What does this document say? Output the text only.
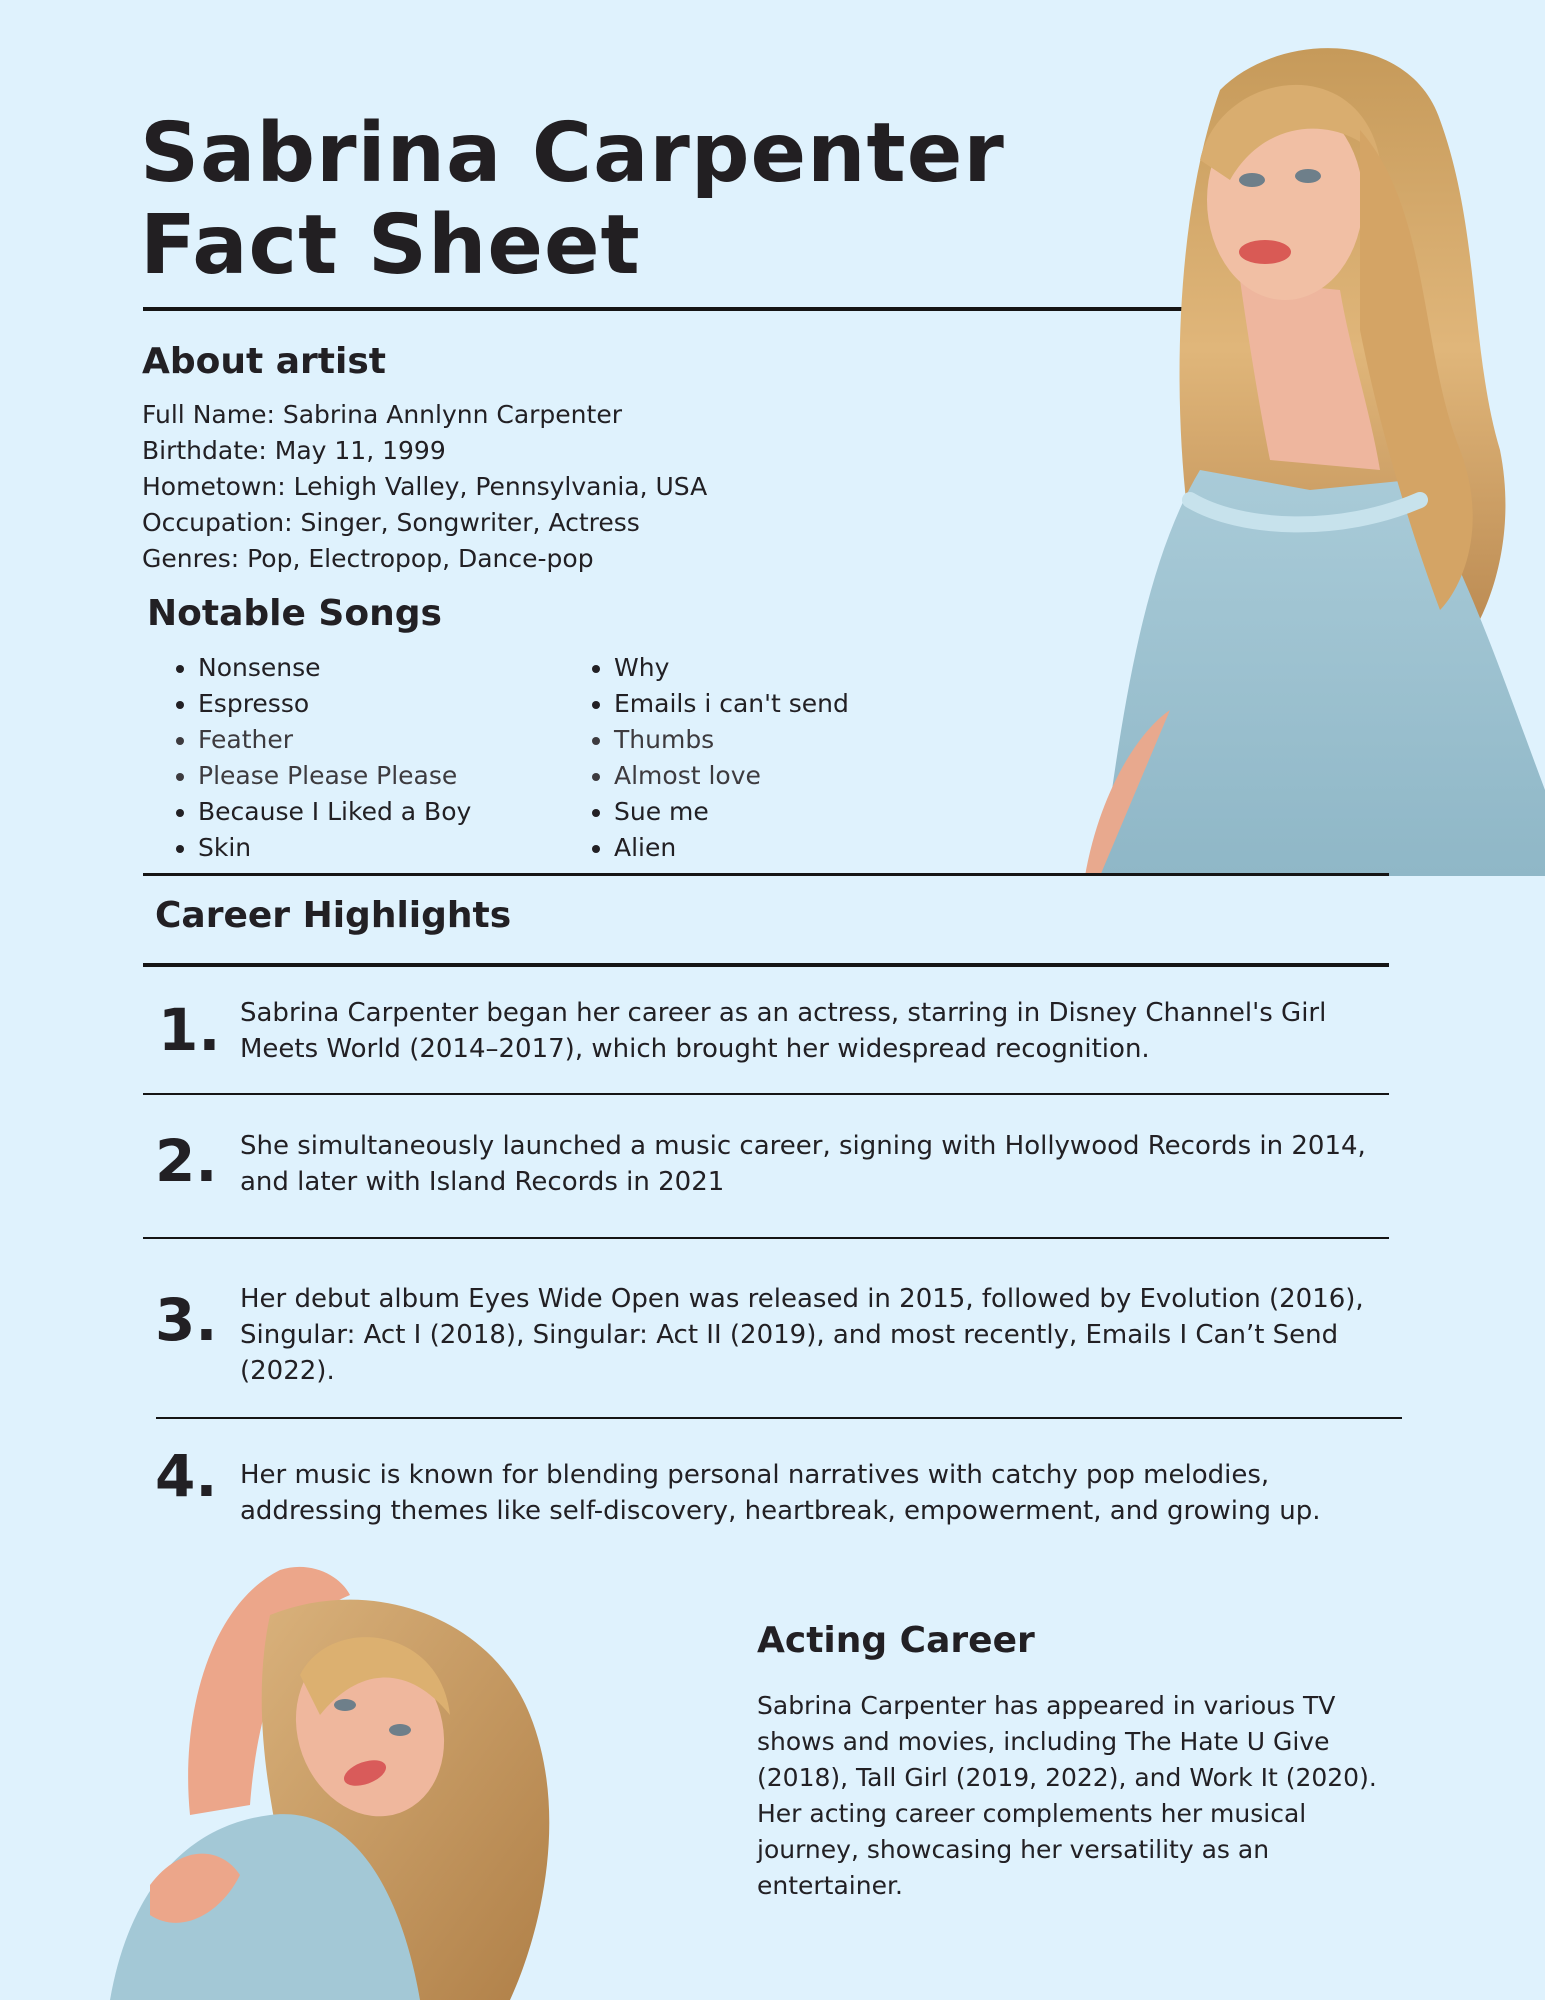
Sabrina Carpenter
Fact Sheet
About artist
Full Name: Sabrina Annlynn Carpenter
Birthdate: May 11, 1999
Hometown: Lehigh Valley, Pennsylvania, USA
Occupation: Singer, Songwriter, Actress
Genres: Pop, Electropop, Dance-pop
Notable Songs
• Nonsense
• Espresso
• Feather
• Please Please Please
• Because I Liked a Boy
• Skin
• Why
• Emails i can't send
• Thumbs
• Almost love
• Sue me
• Alien
Career Highlights
1. Sabrina Carpenter began her career as an actress, starring in Disney Channel's Girl Meets World (2014–2017), which brought her widespread recognition.
2. She simultaneously launched a music career, signing with Hollywood Records in 2014, and later with Island Records in 2021
3. Her debut album Eyes Wide Open was released in 2015, followed by Evolution (2016), Singular: Act I (2018), Singular: Act II (2019), and most recently, Emails I Can’t Send (2022).
4. Her music is known for blending personal narratives with catchy pop melodies, addressing themes like self-discovery, heartbreak, empowerment, and growing up.
Acting Career

Sabrina Carpenter has appeared in various TV shows and movies, including The Hate U Give (2018), Tall Girl (2019, 2022), and Work It (2020). Her acting career complements her musical journey, showcasing her versatility as an entertainer.
